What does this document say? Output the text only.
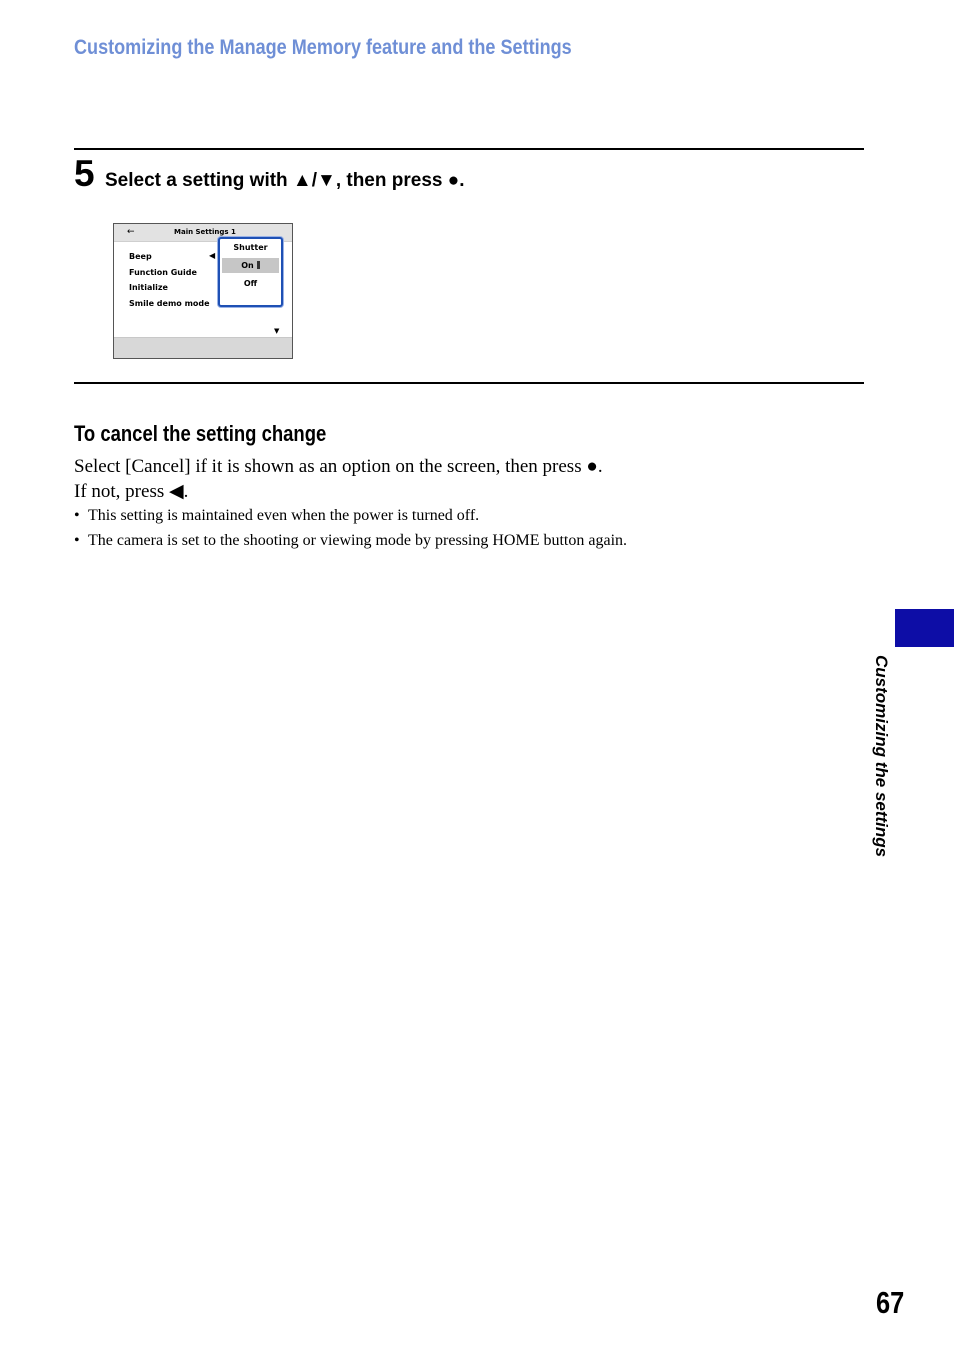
Customizing the Manage Memory feature and the Settings
5 Select a setting with ▲/▼, then press ●.
←	Main Settings 1
Beep
Function Guide
Initialize
Smile demo mode
◀
Shutter
On
Off
▼
To cancel the setting change
Select [Cancel] if it is shown as an option on the screen, then press ●.
If not, press ◀.
• This setting is maintained even when the power is turned off.
• The camera is set to the shooting or viewing mode by pressing HOME button again.
Customizing the settings
67
